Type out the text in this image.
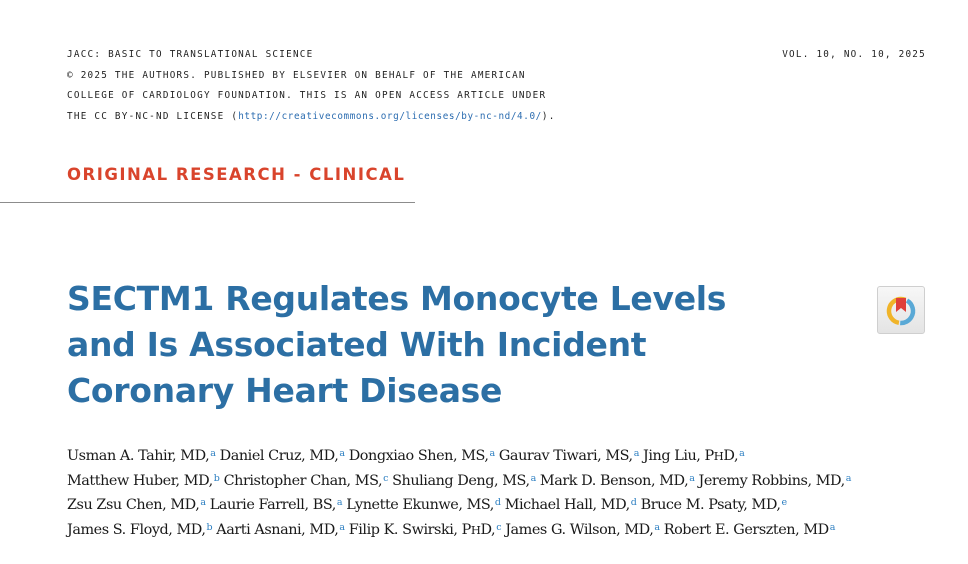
JACC: BASIC TO TRANSLATIONAL SCIENCE
© 2025 THE AUTHORS. PUBLISHED BY ELSEVIER ON BEHALF OF THE AMERICAN
COLLEGE OF CARDIOLOGY FOUNDATION. THIS IS AN OPEN ACCESS ARTICLE UNDER
THE CC BY-NC-ND LICENSE (http://creativecommons.org/licenses/by-nc-nd/4.0/).
VOL. 10, NO. 10, 2025
ORIGINAL RESEARCH - CLINICAL
SECTM1 Regulates Monocyte Levels
and Is Associated With Incident
Coronary Heart Disease
Usman A. Tahir, MD,$^a$ Daniel Cruz, MD,$^a$ Dongxiao Shen, MS,$^a$ Gaurav Tiwari, MS,$^a$ Jing Liu, PHD,$^a$
Matthew Huber, MD,$^b$ Christopher Chan, MS,$^c$ Shuliang Deng, MS,$^a$ Mark D. Benson, MD,$^a$ Jeremy Robbins, MD,$^a$
Zsu Zsu Chen, MD,$^a$ Laurie Farrell, BS,$^a$ Lynette Ekunwe, MS,$^d$ Michael Hall, MD,$^d$ Bruce M. Psaty, MD,$^e$
James S. Floyd, MD,$^b$ Aarti Asnani, MD,$^a$ Filip K. Swirski, PHD,$^c$ James G. Wilson, MD,$^a$ Robert E. Gerszten, $MD^a$
